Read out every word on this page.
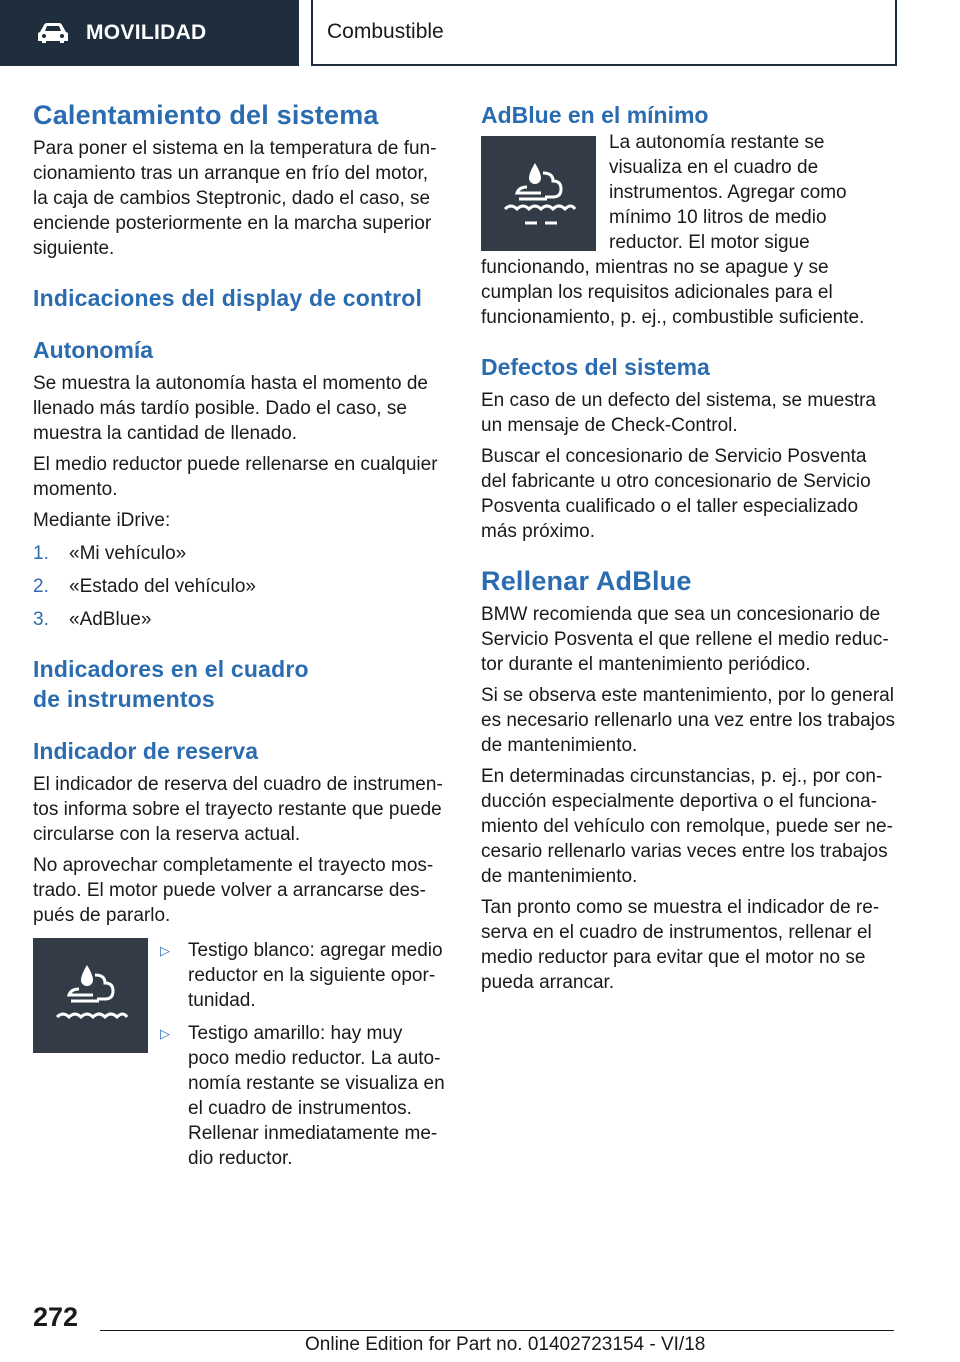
MOVILIDAD	Combustible
Calentamiento del sistema

Para poner el sistema en la temperatura de funcionamiento tras un arranque en frío del motor, la caja de cambios Steptronic, dado el caso, se enciende posteriormente en la marcha superior siguiente.

Indicaciones del display de control
Autonomía

Se muestra la autonomía hasta el momento de llenado más tardío posible. Dado el caso, se muestra la cantidad de llenado.

El medio reductor puede rellenarse en cualquier momento.

Mediante iDrive:

1.	«Mi vehículo»
2.	«Estado del vehículo»
3.	«AdBlue»
Indicadores en el cuadro
de instrumentos
Indicador de reserva

El indicador de reserva del cuadro de instrumentos informa sobre el trayecto restante que puede circularse con la reserva actual.

No aprovechar completamente el trayecto mostrado. El motor puede volver a arrancarse después de pararlo.

▷ Testigo blanco: agregar medio reductor en la siguiente oportunidad.
▷ Testigo amarillo: hay muy poco medio reductor. La autonomía restante se visualiza en el cuadro de instrumentos. Rellenar inmediatamente medio reductor.
AdBlue en el mínimo

La autonomía restante se visualiza en el cuadro de instrumentos. Agregar como mínimo 10 litros de medio reductor. El motor sigue funcionando, mientras no se apague y se cumplan los requisitos adicionales para el funcionamiento, p. ej., combustible suficiente.

Defectos del sistema

En caso de un defecto del sistema, se muestra un mensaje de Check-Control.

Buscar el concesionario de Servicio Posventa del fabricante u otro concesionario de Servicio Posventa cualificado o el taller especializado más próximo.

Rellenar AdBlue

BMW recomienda que sea un concesionario de Servicio Posventa el que rellene el medio reductor durante el mantenimiento periódico.

Si se observa este mantenimiento, por lo general es necesario rellenarlo una vez entre los trabajos de mantenimiento.

En determinadas circunstancias, p. ej., por conducción especialmente deportiva o el funcionamiento del vehículo con remolque, puede ser necesario rellenarlo varias veces entre los trabajos de mantenimiento.

Tan pronto como se muestra el indicador de reserva en el cuadro de instrumentos, rellenar el medio reductor para evitar que el motor no se pueda arrancar.

272
Online Edition for Part no. 01402723154 - VI/18
